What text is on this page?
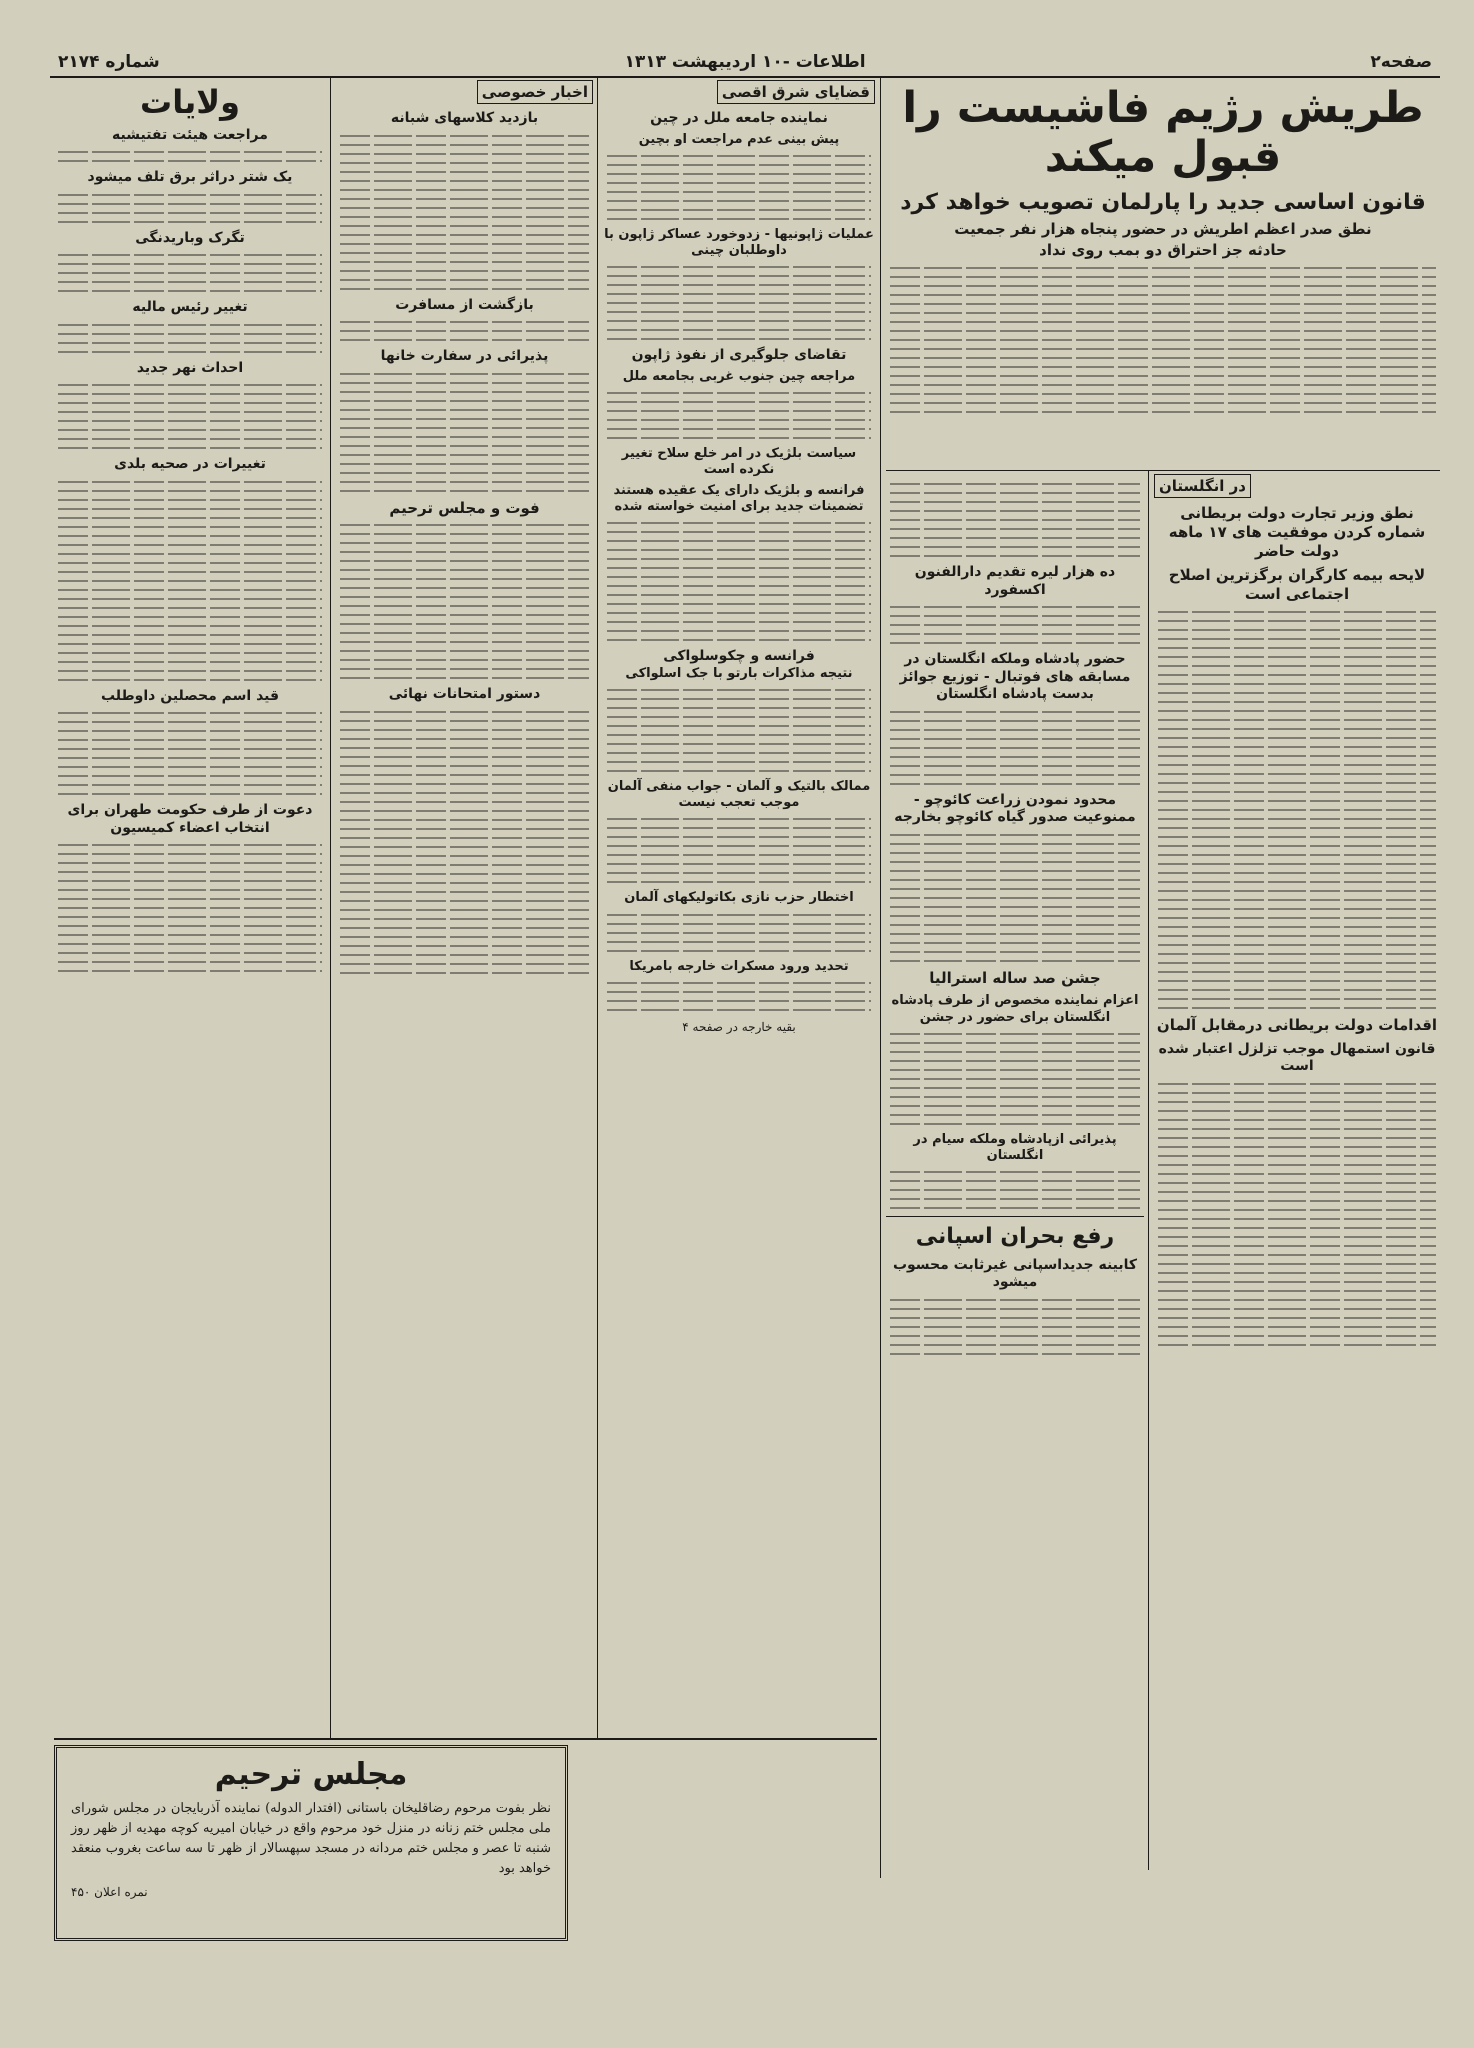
صفحه۲
اطلاعات -۱۰ اردیبهشت ۱۳۱۳
شماره ۲۱۷۴

طریش رژیم فاشیست را قبول میکند

قانون اساسی جدید را پارلمان تصویب خواهد کرد

نطق صدر اعظم اطریش در حضور پنجاه هزار نفر جمعیت

حادثه جز احتراق دو بمب روی نداد

در انگلستان

نطق وزیر تجارت دولت بریطانی شماره کردن موفقیت های ۱۷ ماهه دولت حاضر

لایحه بیمه کارگران برگزترین اصلاح اجتماعی است

اقدامات دولت بریطانی درمقابل آلمان

قانون استمهال موجب تزلزل اعتبار شده است

ده هزار لیره تقدیم دارالفنون اکسفورد

حضور پادشاه وملکه انگلستان در مسابقه های فوتبال - توزیع جوائز بدست پادشاه انگلستان

محدود نمودن زراعت کائوچو - ممنوعیت صدور گیاه کائوچو بخارجه

جشن صد ساله استرالیا

اعزام نماینده مخصوص از طرف پادشاه انگلستان برای حضور در جشن

پذیرائی ازپادشاه وملکه سیام در انگلستان

رفع بحران اسپانی

کابینه جدیداسپانی غیرثابت محسوب میشود

قضایای شرق اقصی

نماینده جامعه ملل در چین

پیش بینی عدم مراجعت او بچین

عملیات ژاپونیها - زدوخورد عساکر ژاپون با داوطلبان چینی

تقاضای جلوگیری از نفوذ ژاپون

مراجعه چین جنوب غربی بجامعه ملل

سیاست بلژیک در امر خلع سلاح تغییر نکرده است

فرانسه و بلژیک دارای یک عقیده هستند

تضمینات جدید برای امنیت خواسته شده

فرانسه و چکوسلواکی

نتیجه مذاکرات بارتو با جک اسلواکی

ممالک بالتیک و آلمان - جواب منفی آلمان

موجب تعجب نیست

اختطار حزب نازی بکاتولیکهای آلمان

تحدید ورود مسکرات خارجه بامریکا

بقیه خارجه در صفحه ۴

اخبار خصوصی

بازدید کلاسهای شبانه

بازگشت از مسافرت

پذیرائی در سفارت خانها

فوت و مجلس ترحیم

دستور امتحانات نهائی

ولایات

مراجعت هیئت تفتیشیه

یک شتر دراثر برق تلف میشود

تگرک وباریدنگی

تغییر رئیس مالیه

احداث نهر جدید

تغییرات در صحیه بلدی

قید اسم محصلین داوطلب

دعوت از طرف حکومت طهران برای انتخاب اعضاء کمیسیون

مجلس ترحیم

نظر بفوت مرحوم رضاقلیخان باستانی (افتدار الدوله) نماینده آذربایجان در مجلس شورای ملی مجلس ختم زنانه در منزل خود مرحوم واقع در خیابان امیریه کوچه مهدیه از ظهر روز شنبه تا عصر و مجلس ختم مردانه در مسجد سپهسالار از ظهر تا سه ساعت بغروب منعقد خواهد بود

نمره اعلان ۴۵۰
